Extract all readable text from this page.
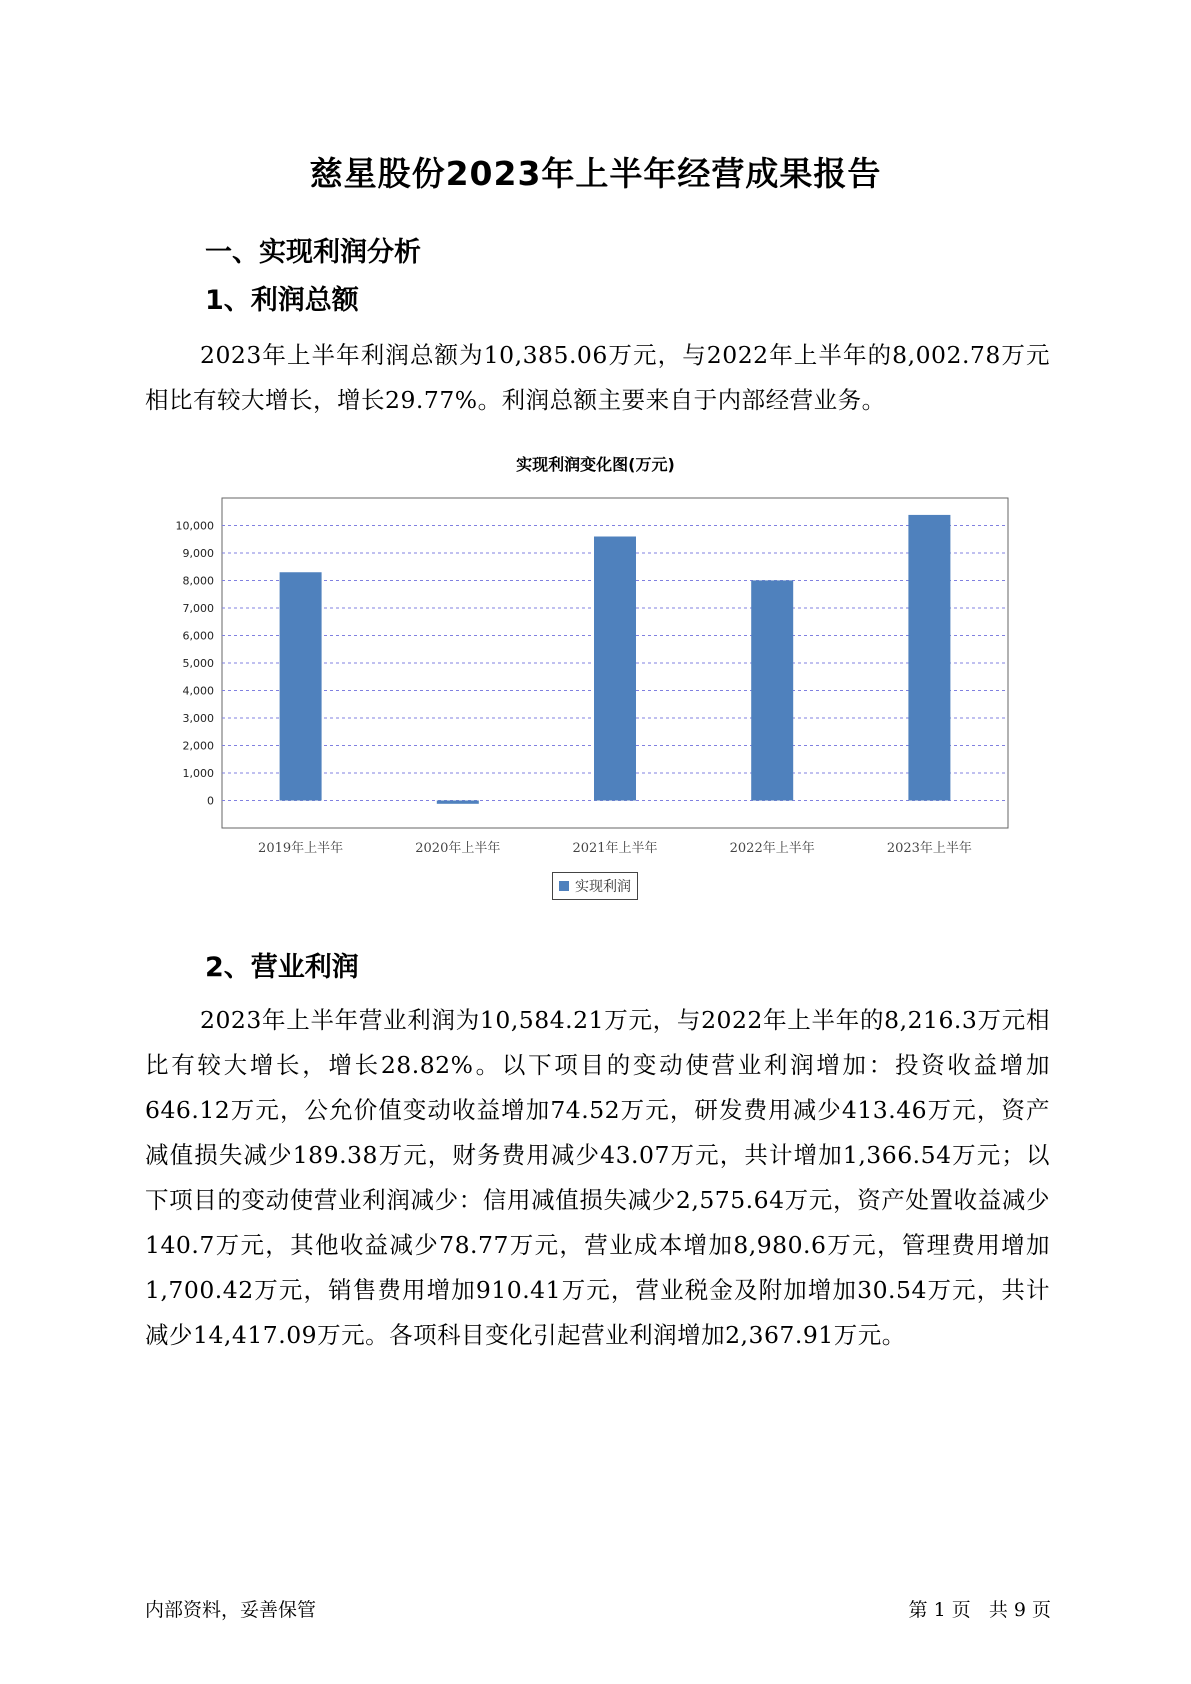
慈星股份2023年上半年经营成果报告
一、实现利润分析
1、利润总额
2023年上半年利润总额为10,385.06万元，与2022年上半年的8,002.78万元相比有较大增长，增长29.77%。利润总额主要来自于内部经营业务。
实现利润变化图(万元)
0
1,000
2,000
3,000
4,000
5,000
6,000
7,000
8,000
9,000
10,000
2019年上半年	2020年上半年	2021年上半年	2022年上半年	2023年上半年
实现利润
2、营业利润
2023年上半年营业利润为10,584.21万元，与2022年上半年的8,216.3万元相比有较大增长，增长28.82%。以下项目的变动使营业利润增加：投资收益增加646.12万元，公允价值变动收益增加74.52万元，研发费用减少413.46万元，资产减值损失减少189.38万元，财务费用减少43.07万元，共计增加1,366.54万元；以下项目的变动使营业利润减少：信用减值损失减少2,575.64万元，资产处置收益减少140.7万元，其他收益减少78.77万元，营业成本增加8,980.6万元，管理费用增加1,700.42万元，销售费用增加910.41万元，营业税金及附加增加30.54万元，共计减少14,417.09万元。各项科目变化引起营业利润增加2,367.91万元。
内部资料，妥善保管	第 1 页   共 9 页
